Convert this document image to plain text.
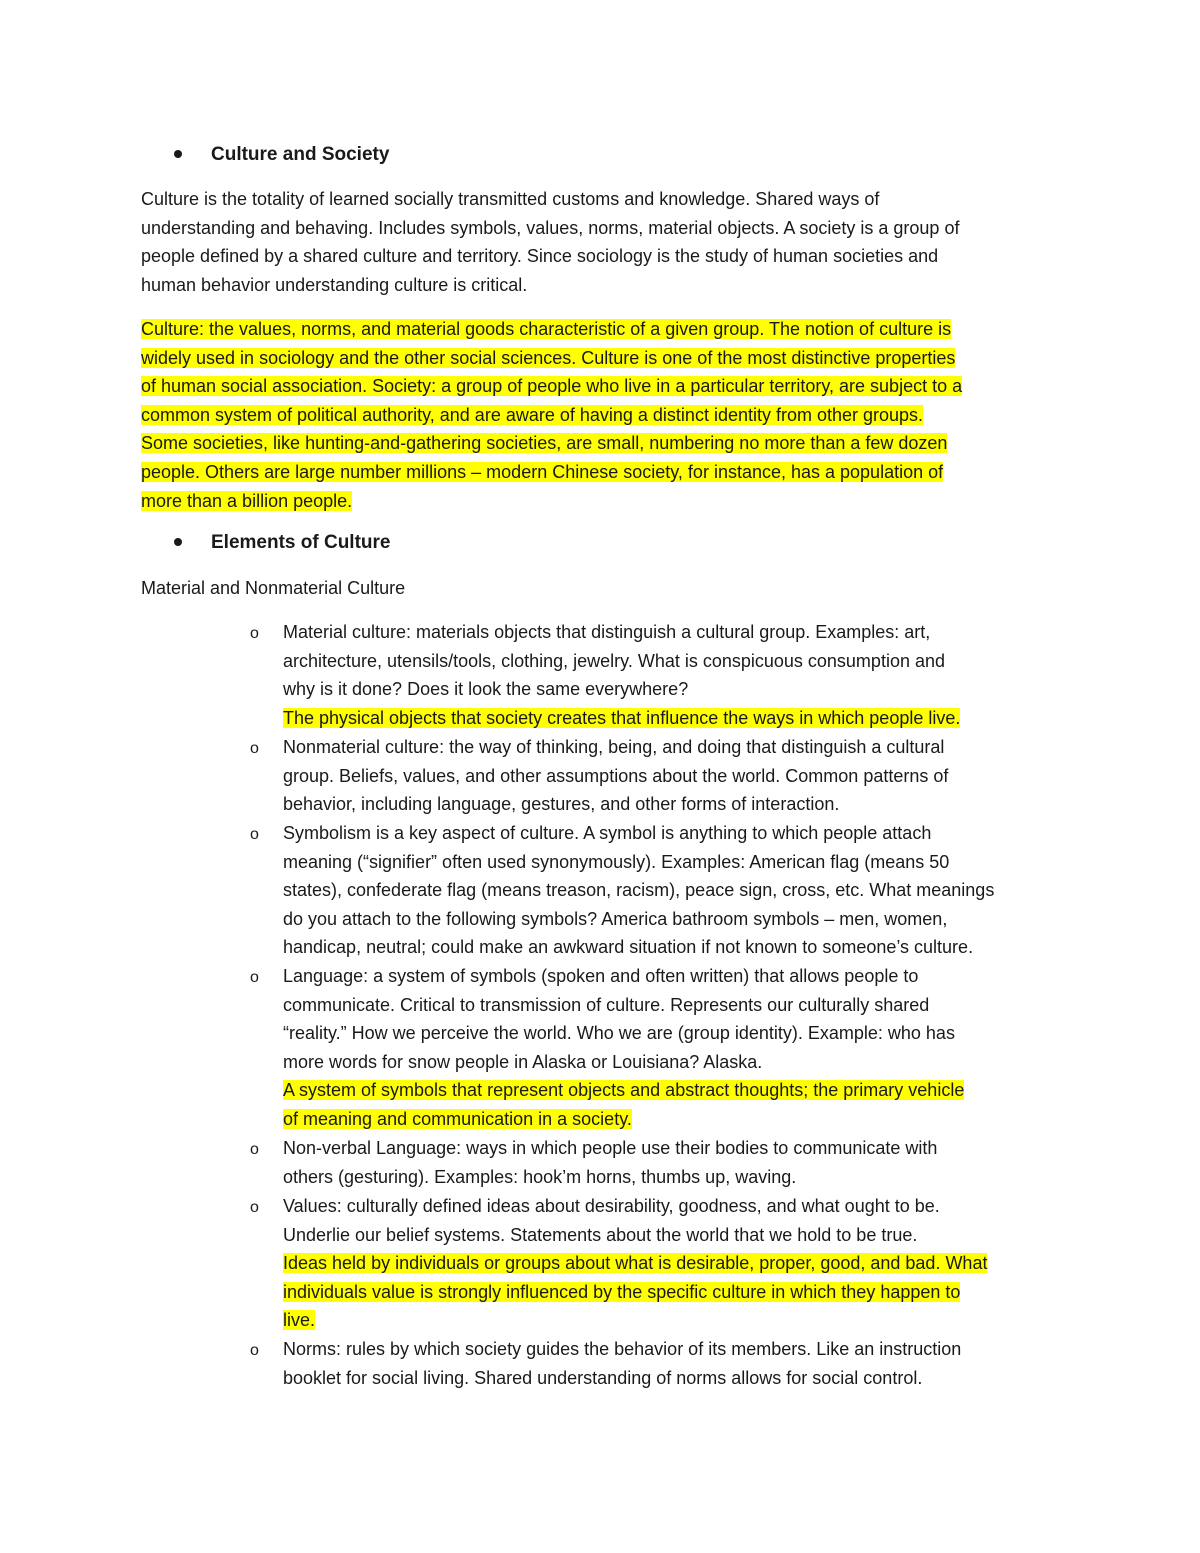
Culture and Society
Culture is the totality of learned socially transmitted customs and knowledge. Shared ways of
understanding and behaving. Includes symbols, values, norms, material objects. A society is a group of
people defined by a shared culture and territory. Since sociology is the study of human societies and
human behavior understanding culture is critical.
Culture: the values, norms, and material goods characteristic of a given group. The notion of culture is
widely used in sociology and the other social sciences. Culture is one of the most distinctive properties
of human social association. Society: a group of people who live in a particular territory, are subject to a
common system of political authority, and are aware of having a distinct identity from other groups.
Some societies, like hunting-and-gathering societies, are small, numbering no more than a few dozen
people. Others are large number millions – modern Chinese society, for instance, has a population of
more than a billion people.
Elements of Culture
Material and Nonmaterial Culture
o Material culture: materials objects that distinguish a cultural group. Examples: art,
architecture, utensils/tools, clothing, jewelry. What is conspicuous consumption and
why is it done? Does it look the same everywhere?
The physical objects that society creates that influence the ways in which people live.
o Nonmaterial culture: the way of thinking, being, and doing that distinguish a cultural
group. Beliefs, values, and other assumptions about the world. Common patterns of
behavior, including language, gestures, and other forms of interaction.
o Symbolism is a key aspect of culture. A symbol is anything to which people attach
meaning (“signifier” often used synonymously). Examples: American flag (means 50
states), confederate flag (means treason, racism), peace sign, cross, etc. What meanings
do you attach to the following symbols? America bathroom symbols – men, women,
handicap, neutral; could make an awkward situation if not known to someone’s culture.
o Language: a system of symbols (spoken and often written) that allows people to
communicate. Critical to transmission of culture. Represents our culturally shared
“reality.” How we perceive the world. Who we are (group identity). Example: who has
more words for snow people in Alaska or Louisiana? Alaska.
A system of symbols that represent objects and abstract thoughts; the primary vehicle
of meaning and communication in a society.
o Non-verbal Language: ways in which people use their bodies to communicate with
others (gesturing). Examples: hook’m horns, thumbs up, waving.
o Values: culturally defined ideas about desirability, goodness, and what ought to be.
Underlie our belief systems. Statements about the world that we hold to be true.
Ideas held by individuals or groups about what is desirable, proper, good, and bad. What
individuals value is strongly influenced by the specific culture in which they happen to
live.
o Norms: rules by which society guides the behavior of its members. Like an instruction
booklet for social living. Shared understanding of norms allows for social control.
